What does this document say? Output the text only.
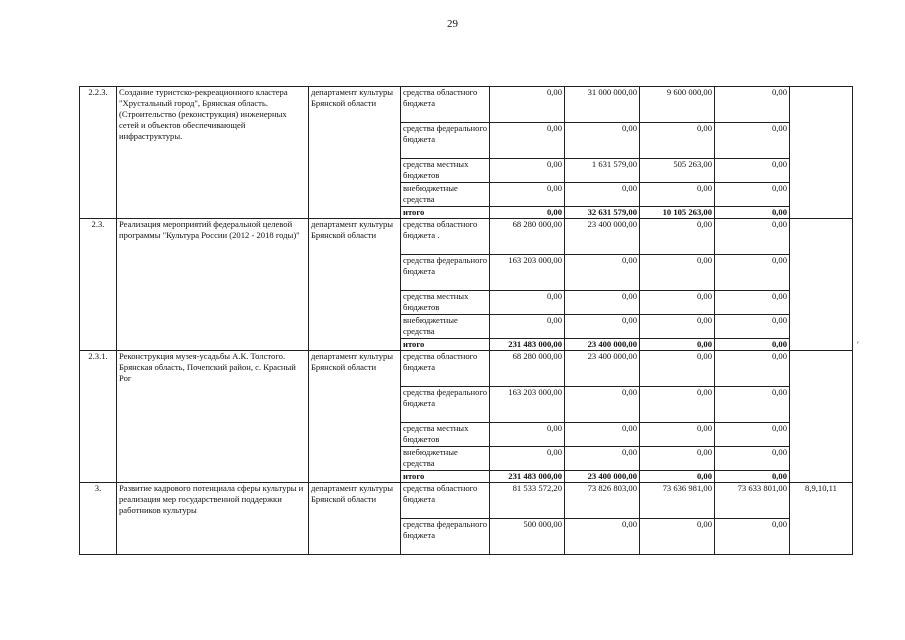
29
2.2.3.	Создание туристско-рекреационного кластера "Хрустальный город", Брянская область. (Строительство (реконструкция) инженерных сетей и объектов обеспечивающей инфраструктуры.	департамент культуры Брянской области	средства областного бюджета	0,00	31 000 000,00	9 600 000,00	0,00	
			средства федерального бюджета	0,00	0,00	0,00	0,00	
			средства местных бюджетов	0,00	1 631 579,00	505 263,00	0,00	
			внебюджетные средства	0,00	0,00	0,00	0,00	
			итого	0,00	32 631 579,00	10 105 263,00	0,00	
2.3.	Реализация мероприятий федеральной целевой программы "Культура России (2012 - 2018 годы)"	департамент культуры Брянской области	средства областного бюджета .	68 280 000,00	23 400 000,00	0,00	0,00	
			средства федерального бюджета	163 203 000,00	0,00	0,00	0,00	
			средства местных бюджетов	0,00	0,00	0,00	0,00	
			внебюджетные средства	0,00	0,00	0,00	0,00	
			итого	231 483 000,00	23 400 000,00	0,00	0,00	
2.3.1.	Реконструкция музея-усадьбы А.К. Толстого. Брянская область, Почепский район, с. Красный Рог	департамент культуры Брянской области	средства областного бюджета	68 280 000,00	23 400 000,00	0,00	0,00	
			средства федерального бюджета	163 203 000,00	0,00	0,00	0,00	
			средства местных бюджетов	0,00	0,00	0,00	0,00	
			внебюджетные средства	0,00	0,00	0,00	0,00	
			итого	231 483 000,00	23 400 000,00	0,00	0,00	
3.	Развитие кадрового потенциала сферы культуры и реализация мер государственной поддержки работников культуры	департамент культуры Брянской области	средства областного бюджета	81 533 572,20	73 826 803,00	73 636 981,00	73 633 801,00	8,9,10,11
			средства федерального бюджета	500 000,00	0,00	0,00	0,00	
′
